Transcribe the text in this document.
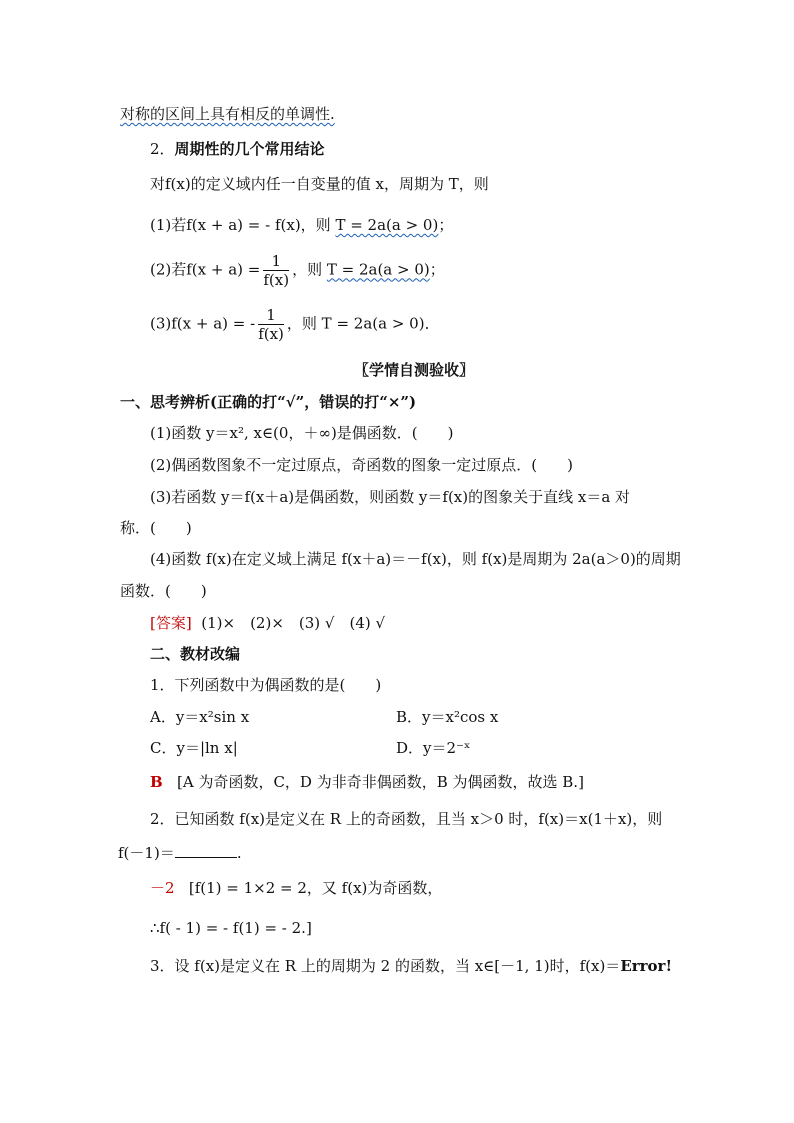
对称的区间上具有相反的单调性.
2．周期性的几个常用结论
对f(x)的定义域内任一自变量的值 x，周期为 T，则
(1)若f(x + a) = - f(x)，则 T = 2a(a > 0)；
(2)若$f(x + a) = \frac{1}{f(x)}$ ，则 T = 2a(a > 0)；
(3)f(x + a) = - $\frac{1}{f(x)}$ ，则 T = 2a(a > 0)．
〖学情自测验收〗
一、思考辨析(正确的打“√”，错误的打“×”)
(1)函数 y＝x², x∈(0，＋∞)是偶函数．(　　)
(2)偶函数图象不一定过原点，奇函数的图象一定过原点．(　　)
(3)若函数 y＝f(x＋a)是偶函数，则函数 y＝f(x)的图象关于直线 x＝a 对
称．(　　)
(4)函数 f(x)在定义域上满足 f(x＋a)＝－f(x)，则 f(x)是周期为 2a(a＞0)的周期
函数．(　　)
[答案] (1)×　(2)×　(3) √　(4) √
二、教材改编
1．下列函数中为偶函数的是(　　)
A．y＝x²sin x	B．y＝x²cos x
C．y＝|ln x|	D．y＝2⁻ˣ
B [A 为奇函数，C，D 为非奇非偶函数，B 为偶函数，故选 B.]
2．已知函数 f(x)是定义在 R 上的奇函数，且当 x＞0 时，f(x)＝x(1＋x)，则
f(－1)＝	.
－2 [f(1) = 1×2 = 2，又 f(x)为奇函数，
∴f( - 1) = - f(1) = - 2.]
3．设 f(x)是定义在 R 上的周期为 2 的函数，当 x∈[－1, 1)时，f(x)＝Error!
